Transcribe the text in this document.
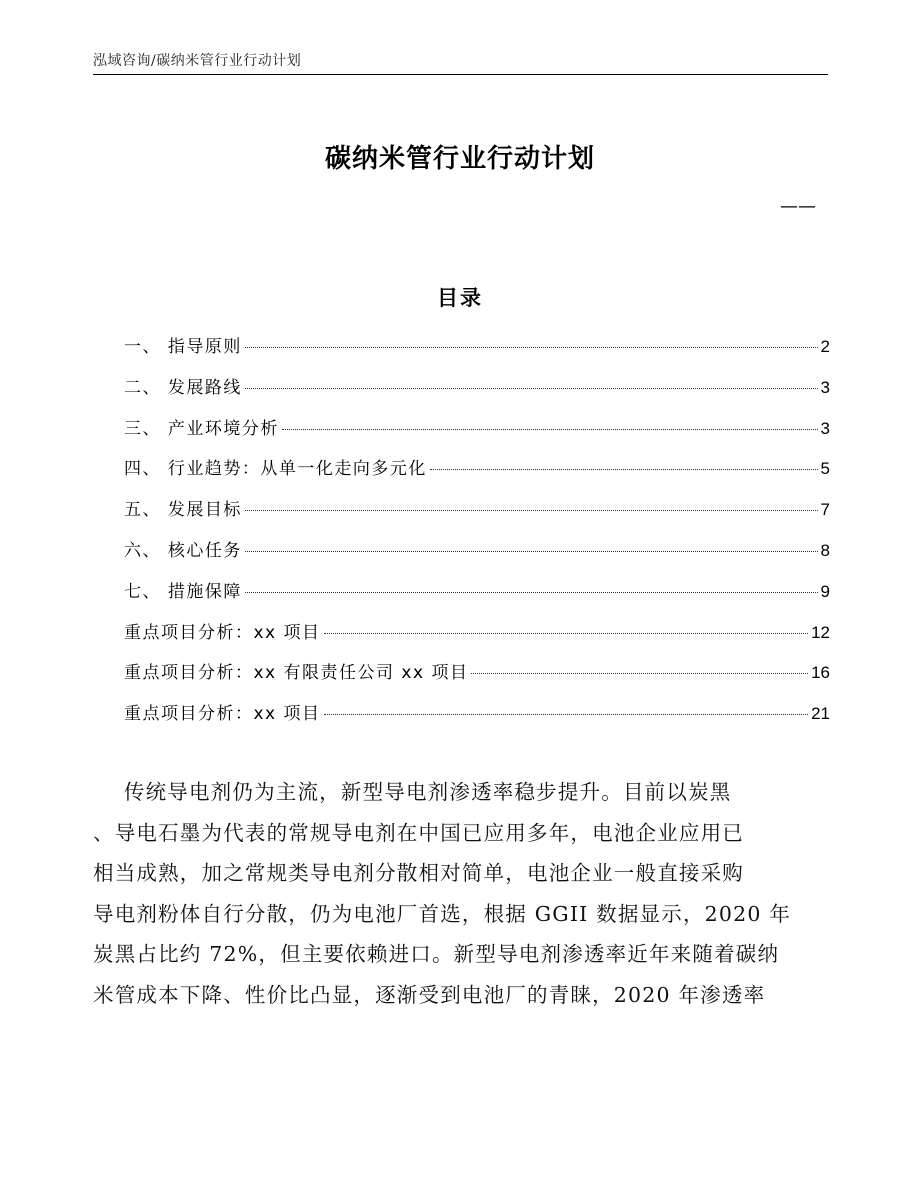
泓域咨询/碳纳米管行业行动计划
碳纳米管行业行动计划
——
目录
一、 指导原则	2
二、 发展路线	3
三、 产业环境分析	3
四、 行业趋势：从单一化走向多元化	5
五、 发展目标	7
六、 核心任务	8
七、 措施保障	9
重点项目分析：xx 项目	12
重点项目分析：xx 有限责任公司 xx 项目	16
重点项目分析：xx 项目	21
传统导电剂仍为主流，新型导电剂渗透率稳步提升。目前以炭黑
、导电石墨为代表的常规导电剂在中国已应用多年，电池企业应用已
相当成熟，加之常规类导电剂分散相对简单，电池企业一般直接采购
导电剂粉体自行分散，仍为电池厂首选，根据 GGII 数据显示，2020 年
炭黑占比约 72%，但主要依赖进口。新型导电剂渗透率近年来随着碳纳
米管成本下降、性价比凸显，逐渐受到电池厂的青睐，2020 年渗透率
